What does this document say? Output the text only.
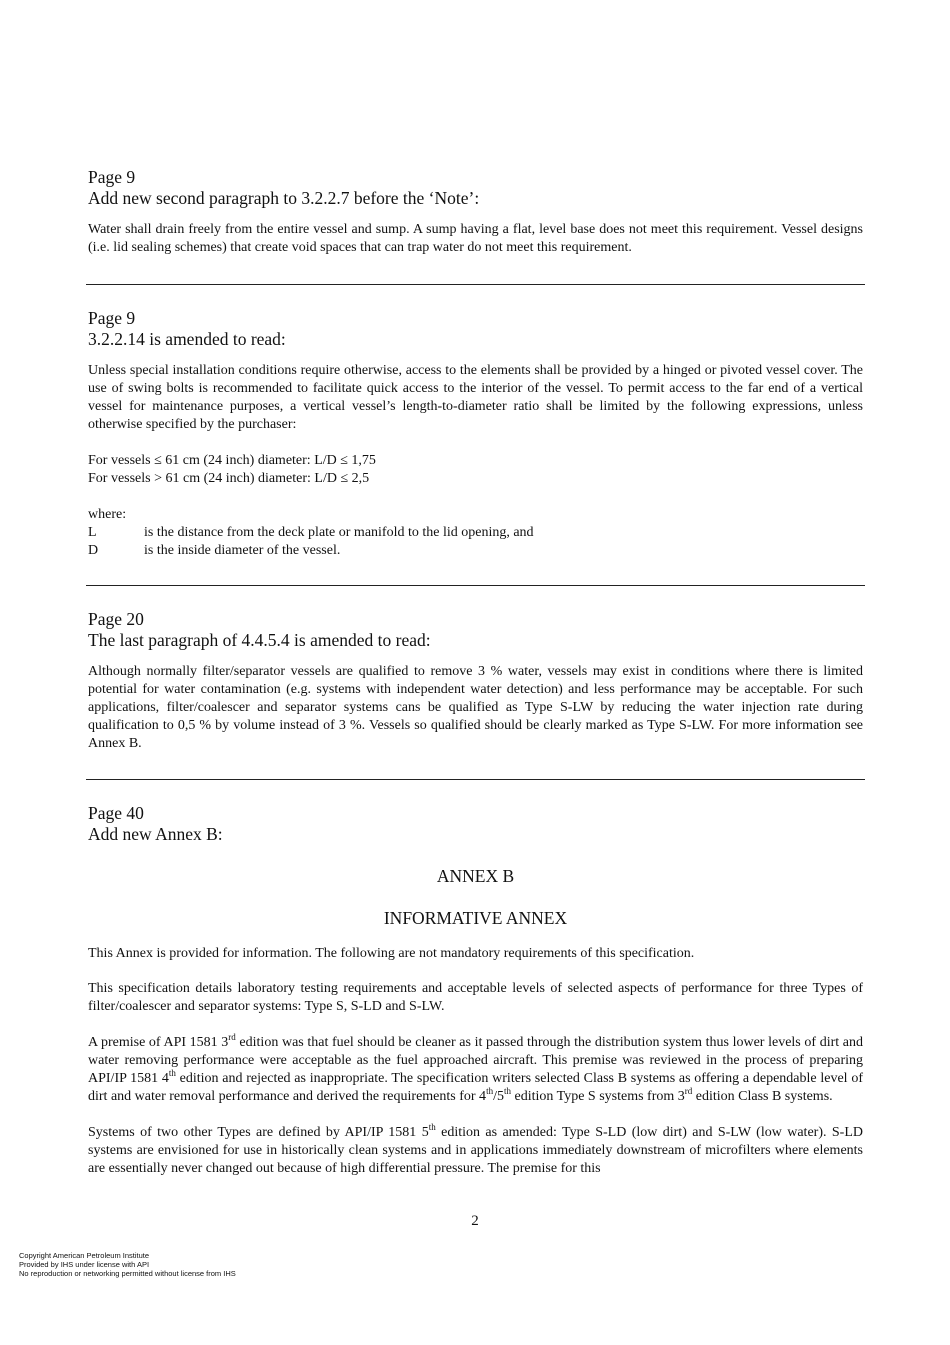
Page 9

Add new second paragraph to 3.2.2.7 before the ‘Note’:

Water shall drain freely from the entire vessel and sump. A sump having a flat, level base does not meet this requirement. Vessel designs (i.e. lid sealing schemes) that create void spaces that can trap water do not meet this requirement.

Page 9

3.2.2.14 is amended to read:

Unless special installation conditions require otherwise, access to the elements shall be provided by a hinged or pivoted vessel cover. The use of swing bolts is recommended to facilitate quick access to the interior of the vessel. To permit access to the far end of a vertical vessel for maintenance purposes, a vertical vessel’s length-to-diameter ratio shall be limited by the following expressions, unless otherwise specified by the purchaser:

For vessels ≤ 61 cm (24 inch) diameter: L/D ≤ 1,75

For vessels > 61 cm (24 inch) diameter: L/D ≤ 2,5

where:

L	is the distance from the deck plate or manifold to the lid opening, and
D	is the inside diameter of the vessel.

Page 20

The last paragraph of 4.4.5.4 is amended to read:

Although normally filter/separator vessels are qualified to remove 3 % water, vessels may exist in conditions where there is limited potential for water contamination (e.g. systems with independent water detection) and less performance may be acceptable. For such applications, filter/coalescer and separator systems cans be qualified as Type S-LW by reducing the water injection rate during qualification to 0,5 % by volume instead of 3 %. Vessels so qualified should be clearly marked as Type S-LW. For more information see Annex B.

Page 40

Add new Annex B:

ANNEX B

INFORMATIVE ANNEX

This Annex is provided for information. The following are not mandatory requirements of this specification.

This specification details laboratory testing requirements and acceptable levels of selected aspects of performance for three Types of filter/coalescer and separator systems: Type S, S-LD and S-LW.

A premise of API 1581 3rd edition was that fuel should be cleaner as it passed through the distribution system thus lower levels of dirt and water removing performance were acceptable as the fuel approached aircraft. This premise was reviewed in the process of preparing API/IP 1581 4th edition and rejected as inappropriate. The specification writers selected Class B systems as offering a dependable level of dirt and water removal performance and derived the requirements for 4th/5th edition Type S systems from 3rd edition Class B systems.

Systems of two other Types are defined by API/IP 1581 5th edition as amended: Type S-LD (low dirt) and S-LW (low water). S-LD systems are envisioned for use in historically clean systems and in applications immediately downstream of microfilters where elements are essentially never changed out because of high differential pressure. The premise for this

2
Copyright American Petroleum Institute
Provided by IHS under license with API
No reproduction or networking permitted without license from IHS
